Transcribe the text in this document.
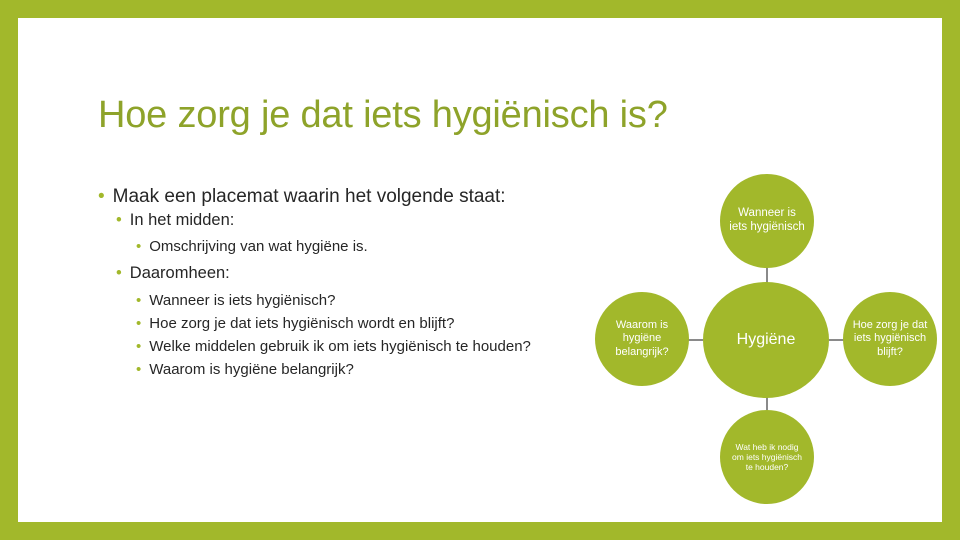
Hoe zorg je dat iets hygiënisch is?
• Maak een placemat waarin het volgende staat:
• In het midden:
• Omschrijving van wat hygiëne is.
• Daaromheen:
• Wanneer is iets hygiënisch?
• Hoe zorg je dat iets hygiënisch wordt en blijft?
• Welke middelen gebruik ik om iets hygiënisch te houden?
• Waarom is hygiëne belangrijk?
Wanneer is iets hygiënisch
Hygiëne
Waarom is hygiëne belangrijk?
Hoe zorg je dat iets hygiënisch blijft?
Wat heb ik nodig om iets hygiënisch te houden?
